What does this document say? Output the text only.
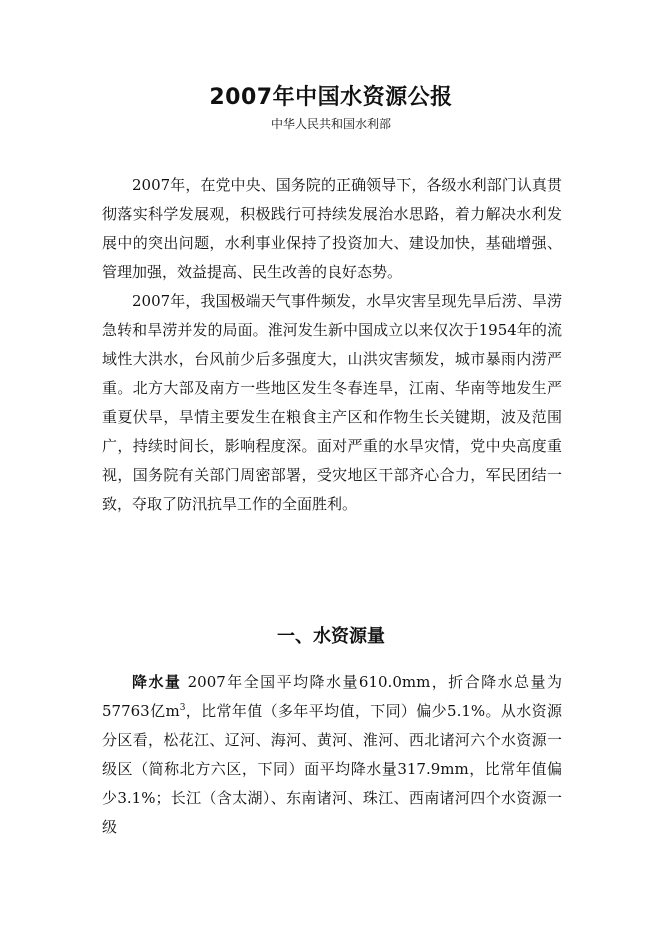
2007年中国水资源公报
中华人民共和国水利部

2007年，在党中央、国务院的正确领导下，各级水利部门认真贯彻落实科学发展观，积极践行可持续发展治水思路，着力解决水利发展中的突出问题，水利事业保持了投资加大、建设加快，基础增强、管理加强，效益提高、民生改善的良好态势。

2007年，我国极端天气事件频发，水旱灾害呈现先旱后涝、旱涝急转和旱涝并发的局面。淮河发生新中国成立以来仅次于1954年的流域性大洪水，台风前少后多强度大，山洪灾害频发，城市暴雨内涝严重。北方大部及南方一些地区发生冬春连旱，江南、华南等地发生严重夏伏旱，旱情主要发生在粮食主产区和作物生长关键期，波及范围广，持续时间长，影响程度深。面对严重的水旱灾情，党中央高度重视，国务院有关部门周密部署，受灾地区干部齐心合力，军民团结一致，夺取了防汛抗旱工作的全面胜利。

一、水资源量

降水量 2007年全国平均降水量610.0mm，折合降水总量为57763亿$m^3$，比常年值（多年平均值，下同）偏少5.1%。从水资源分区看，松花江、辽河、海河、黄河、淮河、西北诸河六个水资源一级区（简称北方六区，下同）面平均降水量317.9mm，比常年值偏少3.1%；长江（含太湖）、东南诸河、珠江、西南诸河四个水资源一级
